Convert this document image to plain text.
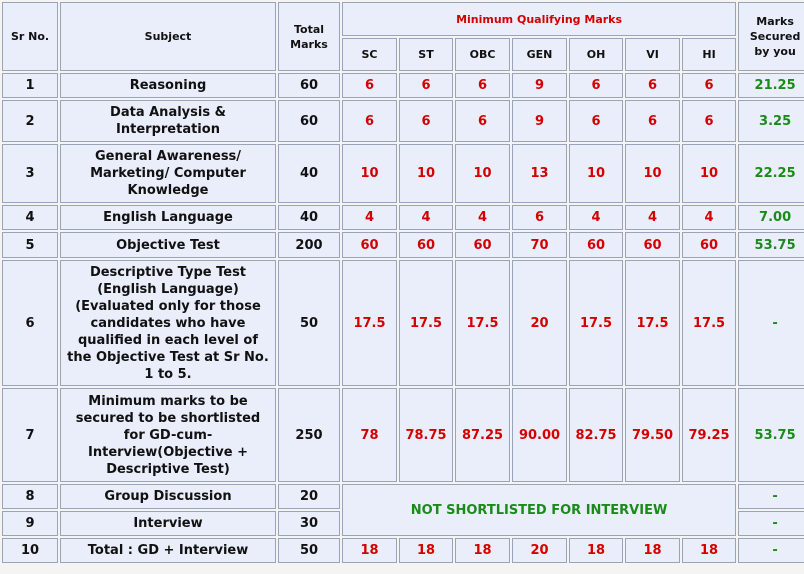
Sr No.	Subject	Total Marks	Minimum Qualifying Marks							Marks Secured by you
			SC	ST	OBC	GEN	OH	VI	HI	
1	Reasoning	60	6	6	6	9	6	6	6	21.25
2	Data Analysis & Interpretation	60	6	6	6	9	6	6	6	3.25
3	General Awareness/ Marketing/ Computer Knowledge	40	10	10	10	13	10	10	10	22.25
4	English Language	40	4	4	4	6	4	4	4	7.00
5	Objective Test	200	60	60	60	70	60	60	60	53.75
6	Descriptive Type Test (English Language) (Evaluated only for those candidates who have qualified in each level of the Objective Test at Sr No. 1 to 5.	50	17.5	17.5	17.5	20	17.5	17.5	17.5	-
7	Minimum marks to be secured to be shortlisted for GD-cum-Interview(Objective + Descriptive Test)	250	78	78.75	87.25	90.00	82.75	79.50	79.25	53.75
8	Group Discussion	20	NOT SHORTLISTED FOR INTERVIEW							-
9	Interview	30								-
10	Total : GD + Interview	50	18	18	18	20	18	18	18	-
